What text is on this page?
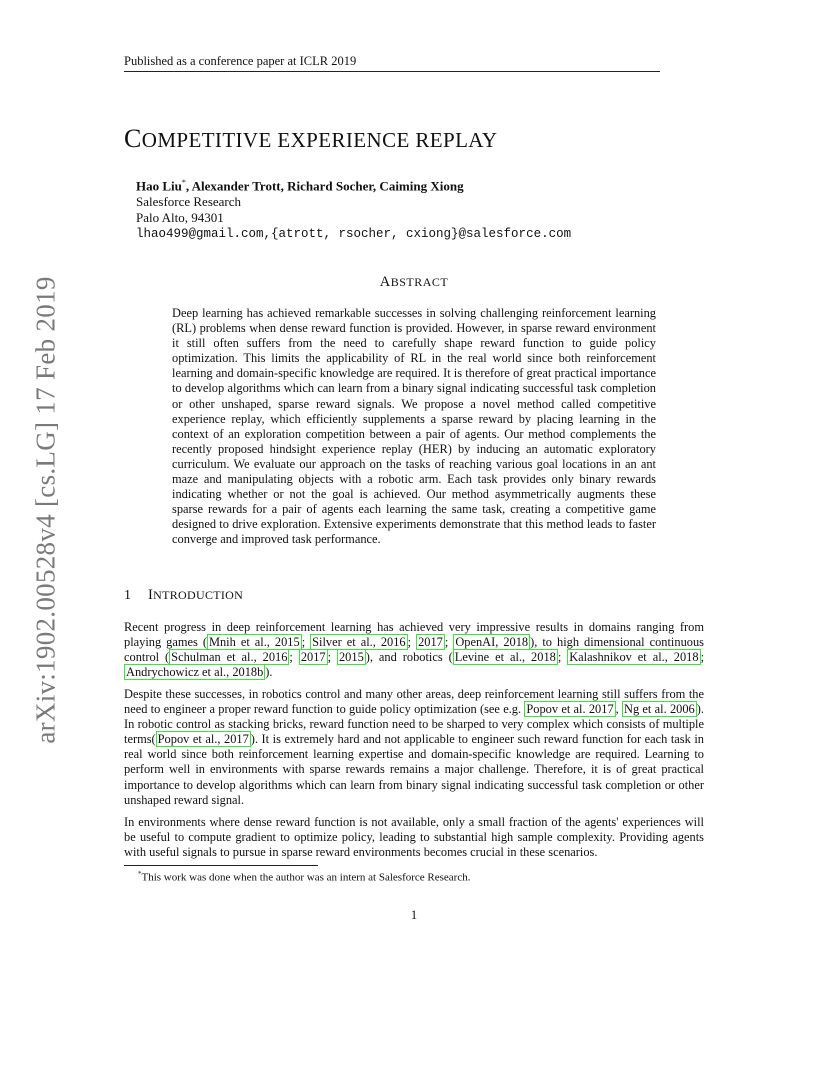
Published as a conference paper at ICLR 2019
COMPETITIVE EXPERIENCE REPLAY
Hao Liu*, Alexander Trott, Richard Socher, Caiming Xiong
Salesforce Research
Palo Alto, 94301
lhao499@gmail.com,{atrott, rsocher, cxiong}@salesforce.com
ABSTRACT

Deep learning has achieved remarkable successes in solving challenging reinforcement learning (RL) problems when dense reward function is provided. However, in sparse reward environment it still often suffers from the need to carefully shape reward function to guide policy optimization. This limits the applicability of RL in the real world since both reinforcement learning and domain-specific knowledge are required. It is therefore of great practical importance to develop algorithms which can learn from a binary signal indicating successful task completion or other unshaped, sparse reward signals. We propose a novel method called competitive experience replay, which efficiently supplements a sparse reward by placing learning in the context of an exploration competition between a pair of agents. Our method complements the recently proposed hindsight experience replay (HER) by inducing an automatic exploratory curriculum. We evaluate our approach on the tasks of reaching various goal locations in an ant maze and manipulating objects with a robotic arm. Each task provides only binary rewards indicating whether or not the goal is achieved. Our method asymmetrically augments these sparse rewards for a pair of agents each learning the same task, creating a competitive game designed to drive exploration. Extensive experiments demonstrate that this method leads to faster converge and improved task performance.

arXiv:1902.00528v4 [cs.LG] 17 Feb 2019	1 INTRODUCTION

Recent progress in deep reinforcement learning has achieved very impressive results in domains ranging from playing games ( Mnih et al., 2015 ; Silver et al., 2016 ; 2017 ; OpenAI, 2018 ), to high dimensional continuous control ( Schulman et al., 2016 ; 2017 ; 2015 ), and robotics ( Levine et al., 2018 ; Kalashnikov et al., 2018 ; Andrychowicz et al., 2018b ).

Despite these successes, in robotics control and many other areas, deep reinforcement learning still suffers from the need to engineer a proper reward function to guide policy optimization (see e.g. Popov et al. 2017 , Ng et al. 2006 ). In robotic control as stacking bricks, reward function need to be sharped to very complex which consists of multiple terms( Popov et al., 2017 ). It is extremely hard and not applicable to engineer such reward function for each task in real world since both reinforcement learning expertise and domain-specific knowledge are required. Learning to perform well in environments with sparse rewards remains a major challenge. Therefore, it is of great practical importance to develop algorithms which can learn from binary signal indicating successful task completion or other unshaped reward signal.

In environments where dense reward function is not available, only a small fraction of the agents' experiences will be useful to compute gradient to optimize policy, leading to substantial high sample complexity. Providing agents with useful signals to pursue in sparse reward environments becomes crucial in these scenarios.

*This work was done when the author was an intern at Salesforce Research.
1
